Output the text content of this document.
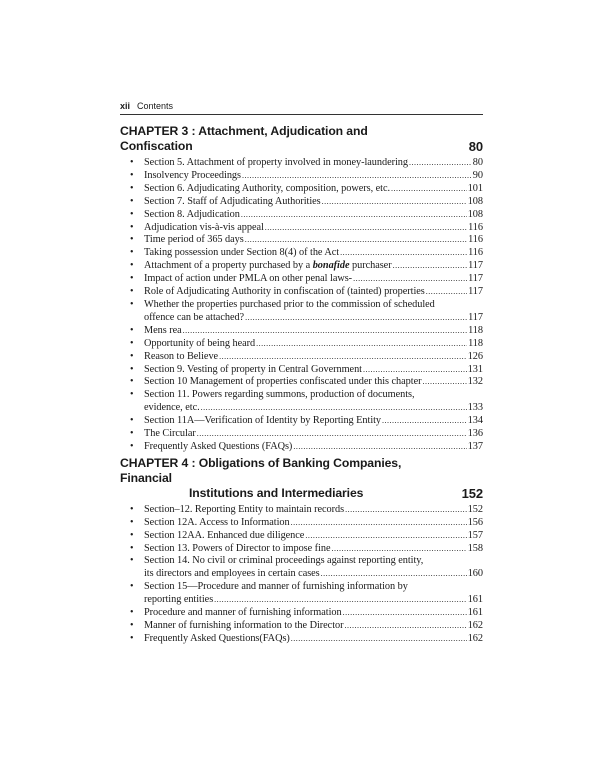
xii Contents
CHAPTER 3 : Attachment, Adjudication and Confiscation	80
• Section 5. Attachment of property involved in money-laundering .....	80
• Insolvency Proceedings .....	90
• Section 6. Adjudicating Authority, composition, powers, etc. .....	101
• Section 7. Staff of Adjudicating Authorities .....	108
• Section 8. Adjudication .....	108
• Adjudication vis-à-vis appeal .....	116
• Time period of 365 days .....	116
• Taking possession under Section 8(4) of the Act .....	116
• Attachment of a property purchased by a bonafide purchaser .....	117
• Impact of action under PMLA on other penal laws- .....	117
• Role of Adjudicating Authority in confiscation of (tainted) properties .....	117
• Whether the properties purchased prior to the commission of scheduled
offence can be attached? .....	117
• Mens rea .....	118
• Opportunity of being heard .....	118
• Reason to Believe .....	126
• Section 9. Vesting of property in Central Government .....	131
• Section 10 Management of properties confiscated under this chapter .....	132
• Section 11. Powers regarding summons, production of documents,
evidence, etc. .....	133
• Section 11A—Verification of Identity by Reporting Entity .....	134
• The Circular .....	136
• Frequently Asked Questions (FAQs) .....	137
CHAPTER 4 : Obligations of Banking Companies, Financial
Institutions and Intermediaries	152
• Section–12. Reporting Entity to maintain records .....	152
• Section 12A. Access to Information .....	156
• Section 12AA. Enhanced due diligence .....	157
• Section 13. Powers of Director to impose fine .....	158
• Section 14. No civil or criminal proceedings against reporting entity,
its directors and employees in certain cases .....	160
• Section 15—Procedure and manner of furnishing information by
reporting entities .....	161
• Procedure and manner of furnishing information .....	161
• Manner of furnishing information to the Director .....	162
• Frequently Asked Questions(FAQs) .....	162
